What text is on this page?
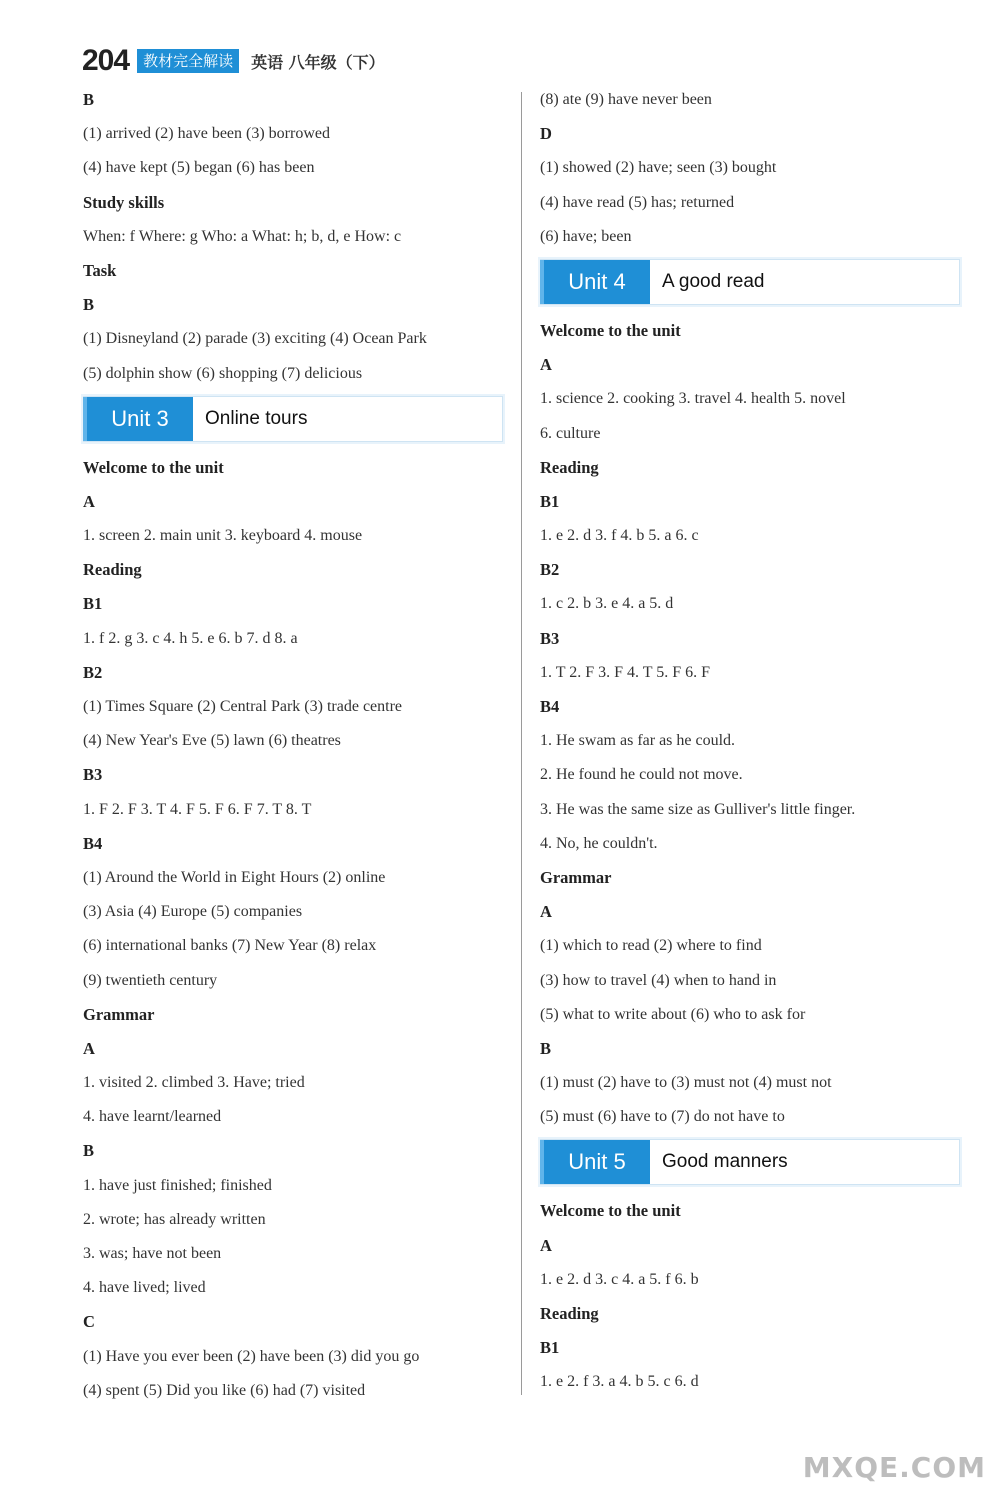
204 教材完全解读	英语 八年级（下）
B
(1) arrived (2) have been (3) borrowed
(4) have kept (5) began (6) has been
Study skills
When: f Where: g Who: a What: h; b, d, e How: c
Task
B
(1) Disneyland (2) parade (3) exciting (4) Ocean Park
(5) dolphin show (6) shopping (7) delicious
Unit 3	Online tours
Welcome to the unit
A
1. screen 2. main unit 3. keyboard 4. mouse
Reading
B1
1. f 2. g 3. c 4. h 5. e 6. b 7. d 8. a
B2
(1) Times Square (2) Central Park (3) trade centre
(4) New Year's Eve (5) lawn (6) theatres
B3
1. F 2. F 3. T 4. F 5. F 6. F 7. T 8. T
B4
(1) Around the World in Eight Hours (2) online
(3) Asia (4) Europe (5) companies
(6) international banks (7) New Year (8) relax
(9) twentieth century
Grammar
A
1. visited 2. climbed 3. Have; tried
4. have learnt/learned
B
1. have just finished; finished
2. wrote; has already written
3. was; have not been
4. have lived; lived
C
(1) Have you ever been (2) have been (3) did you go
(4) spent (5) Did you like (6) had (7) visited
(8) ate (9) have never been
D
(1) showed (2) have; seen (3) bought
(4) have read (5) has; returned
(6) have; been
Unit 4	A good read
Welcome to the unit
A
1. science 2. cooking 3. travel 4. health 5. novel
6. culture
Reading
B1
1. e 2. d 3. f 4. b 5. a 6. c
B2
1. c 2. b 3. e 4. a 5. d
B3
1. T 2. F 3. F 4. T 5. F 6. F
B4
1. He swam as far as he could.
2. He found he could not move.
3. He was the same size as Gulliver's little finger.
4. No, he couldn't.
Grammar
A
(1) which to read (2) where to find
(3) how to travel (4) when to hand in
(5) what to write about (6) who to ask for
B
(1) must (2) have to (3) must not (4) must not
(5) must (6) have to (7) do not have to
Unit 5	Good manners
Welcome to the unit
A
1. e 2. d 3. c 4. a 5. f 6. b
Reading
B1
1. e 2. f 3. a 4. b 5. c 6. d
MXQE.COM
